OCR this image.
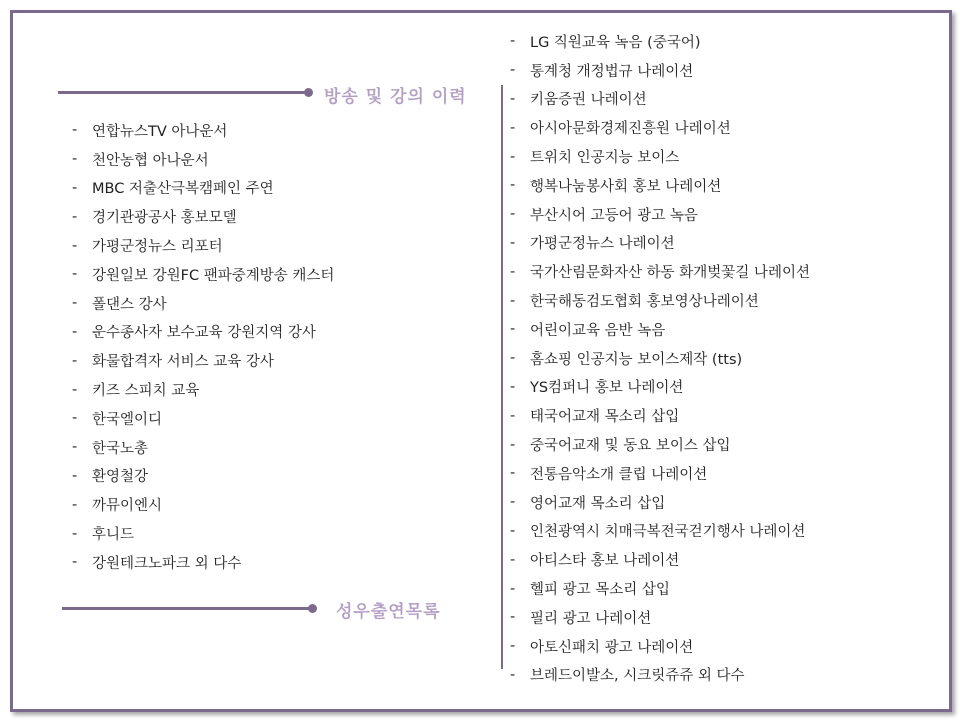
방송 및 강의 이력
-	연합뉴스TV 아나운서
-	천안농협 아나운서
-	MBC 저출산극복캠페인 주연
-	경기관광공사 홍보모델
-	가평군정뉴스 리포터
-	강원일보 강원FC 팬파중계방송 캐스터
-	폴댄스 강사
-	운수종사자 보수교육 강원지역 강사
-	화물합격자 서비스 교육 강사
-	키즈 스피치 교육
-	한국엘이디
-	한국노총
-	환영철강
-	까뮤이엔시
-	후니드
-	강원테크노파크 외 다수
성우출연목록
-	LG 직원교육 녹음 (중국어)
-	통계청 개정법규 나레이션
-	키움증권 나레이션
-	아시아문화경제진흥원 나레이션
-	트위치 인공지능 보이스
-	행복나눔봉사회 홍보 나레이션
-	부산시어 고등어 광고 녹음
-	가평군정뉴스 나레이션
-	국가산림문화자산 하동 화개벚꽃길 나레이션
-	한국해동검도협회 홍보영상나레이션
-	어린이교육 음반 녹음
-	홈쇼핑 인공지능 보이스제작 (tts)
-	YS컴퍼니 홍보 나레이션
-	태국어교재 목소리 삽입
-	중국어교재 및 동요 보이스 삽입
-	전통음악소개 클립 나레이션
-	영어교재 목소리 삽입
-	인천광역시 치매극복전국걷기행사 나레이션
-	아티스타 홍보 나레이션
-	헬피 광고 목소리 삽입
-	필리 광고 나레이션
-	아토신패치 광고 나레이션
-	브레드이발소, 시크릿쥬쥬 외 다수
